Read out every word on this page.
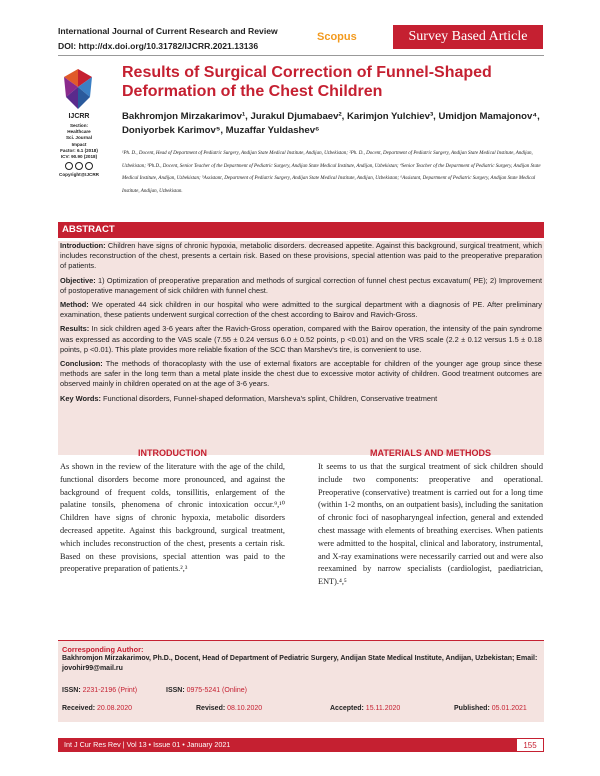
International Journal of Current Research and Review
DOI: http://dx.doi.org/10.31782/IJCRR.2021.13136
Scopus	Survey Based Article
IJCRR
Section: Healthcare
Sci. Journal Impact
Factor: 6.1 (2018)
ICV: 90.90 (2018)
Copyright@IJCRR
Results of Surgical Correction of Funnel-Shaped Deformation of the Chest Children
Bakhromjon Mirzakarimov¹, Jurakul Djumabaev², Karimjon Yulchiev³, Umidjon Mamajonov⁴, Doniyorbek Karimov⁵, Muzaffar Yuldashev⁶
¹Ph. D., Docent, Head of Department of Pediatric Surgery, Andijan State Medical Institute, Andijan, Uzbekistan; ²Ph. D., Docent, Department of Pediatric Surgery, Andijan State Medical Institute, Andijan, Uzbekistan; ³Ph.D., Docent, Senior Teacher of the Department of Pediatric Surgery, Andijan State Medical Institute, Andijan, Uzbekistan; ⁴Senior Teacher of the Department of Pediatric Surgery, Andijan State Medical Institute, Andijan, Uzbekistan; ⁵Assistant, Department of Pediatric Surgery, Andijan State Medical Institute, Andijan, Uzbekistan; ⁶Assistant, Department of Pediatric Surgery, Andijan State Medical Institute, Andijan, Uzbekistan.
ABSTRACT

Introduction: Children have signs of chronic hypoxia, metabolic disorders. decreased appetite. Against this background, surgical treatment, which includes reconstruction of the chest, presents a certain risk. Based on these provisions, special attention was paid to the preoperative preparation of patients.

Objective: 1) Optimization of preoperative preparation and methods of surgical correction of funnel chest pectus excavatum( PE); 2) Improvement of postoperative management of sick children with funnel chest.

Method: We operated 44 sick children in our hospital who were admitted to the surgical department with a diagnosis of PE. After preliminary examination, these patients underwent surgical correction of the chest according to Bairov and Ravich-Gross.

Results: In sick children aged 3-6 years after the Ravich-Gross operation, compared with the Bairov operation, the intensity of the pain syndrome was expressed as according to the VAS scale (7.55 ± 0.24 versus 6.0 ± 0.52 points, p <0.01) and on the VRS scale (2.2 ± 0.12 versus 1.5 ± 0.18 points, p <0.01). This plate provides more reliable fixation of the SCC than Marshev's tire, is convenient to use.

Conclusion: The methods of thoracoplasty with the use of external fixators are acceptable for children of the younger age group since these methods are safer in the long term than a metal plate inside the chest due to excessive motor activity of children. Good treatment outcomes are observed mainly in children operated on at the age of 3-6 years.

Key Words: Functional disorders, Funnel-shaped deformation, Marsheva's splint, Children, Conservative treatment

INTRODUCTION	MATERIALS AND METHODS
As shown in the review of the literature with the age of the child, functional disorders become more pronounced, and against the background of frequent colds, tonsillitis, enlargement of the palatine tonsils, phenomena of chronic intoxication occur.⁹,¹⁰ Children have signs of chronic hypoxia, metabolic disorders decreased appetite. Against this background, surgical treatment, which includes reconstruction of the chest, presents a certain risk. Based on these provisions, special attention was paid to the preoperative preparation of patients.²,³
It seems to us that the surgical treatment of sick children should include two components: preoperative and operational. Preoperative (conservative) treatment is carried out for a long time (within 1-2 months, on an outpatient basis), including the sanitation of chronic foci of nasopharyngeal infection, general and extended chest massage with elements of breathing exercises. When patients were admitted to the hospital, clinical and laboratory, instrumental, and X-ray examinations were necessarily carried out and were also reexamined by narrow specialists (cardiologist, paediatrician, ENT).⁴,⁵
Corresponding Author:
Bakhromjon Mirzakarimov, Ph.D., Docent, Head of Department of Pediatric Surgery, Andijan State Medical Institute, Andijan, Uzbekistan; Email: jovohir99@mail.ru
ISSN: 2231-2196 (Print)	ISSN: 0975-5241 (Online)
Received: 20.08.2020	Revised: 08.10.2020	Accepted: 15.11.2020	Published: 05.01.2021
Int J Cur Res Rev | Vol 13 • Issue 01 • January 2021	155
